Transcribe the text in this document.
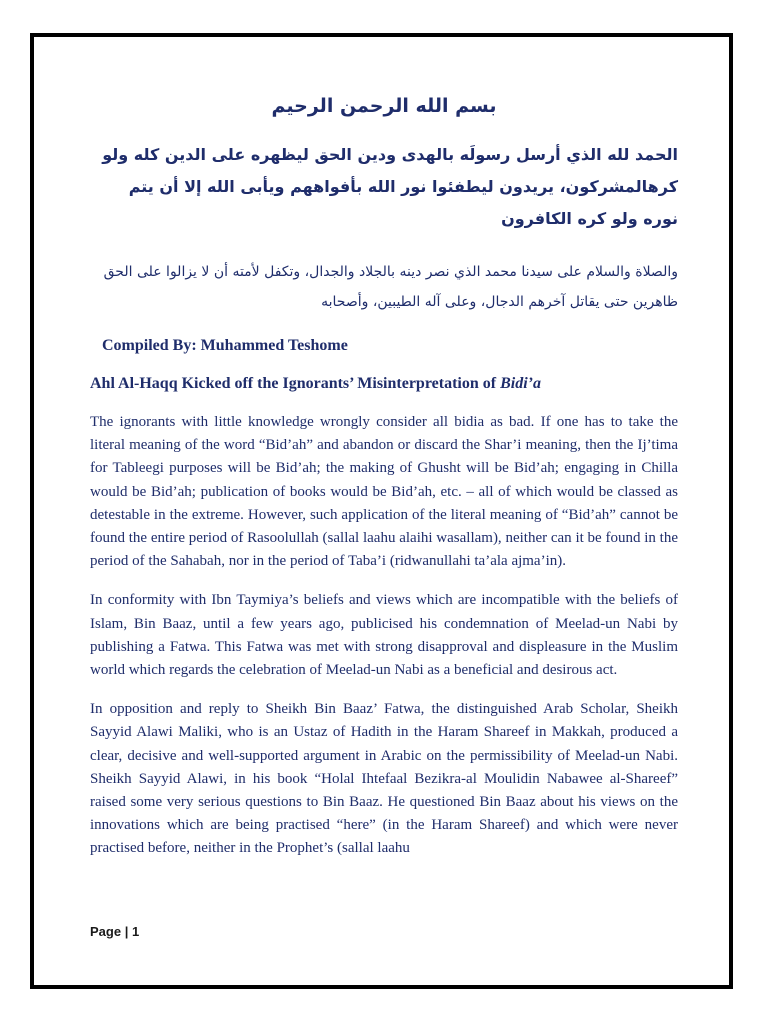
بسم الله الرحمن الرحيم

الحمد لله الذي أرسل رسولَه بالهدى ودين الحق ليظهره على الدين كله ولو كرهالمشركون، يريدون ليطفئوا نور الله بأفواههم ويأبى الله إلا أن يتم نوره ولو كره الكافرون

والصلاة والسلام على سيدنا محمد الذي نصر دينه بالجلاد والجدال، وتكفل لأمته أن لا يزالوا على الحق ظاهرين حتى يقاتل آخرهم الدجال، وعلى آله الطيبين، وأصحابه

Compiled By: Muhammed Teshome

Ahl Al-Haqq Kicked off the Ignorants’ Misinterpretation of Bidi’a

The ignorants with little knowledge wrongly consider all bidia as bad. If one has to take the literal meaning of the word “Bid’ah” and abandon or discard the Shar’i meaning, then the Ij’tima for Tableegi purposes will be Bid’ah; the making of Ghusht will be Bid’ah; engaging in Chilla would be Bid’ah; publication of books would be Bid’ah, etc. – all of which would be classed as detestable in the extreme. However, such application of the literal meaning of “Bid’ah” cannot be found the entire period of Rasoolullah (sallal laahu alaihi wasallam), neither can it be found in the period of the Sahabah, nor in the period of Taba’i (ridwanullahi ta’ala ajma’in).

In conformity with Ibn Taymiya’s beliefs and views which are incompatible with the beliefs of Islam, Bin Baaz, until a few years ago, publicised his condemnation of Meelad-un Nabi by publishing a Fatwa. This Fatwa was met with strong disapproval and displeasure in the Muslim world which regards the celebration of Meelad-un Nabi as a beneficial and desirous act.

In opposition and reply to Sheikh Bin Baaz’ Fatwa, the distinguished Arab Scholar, Sheikh Sayyid Alawi Maliki, who is an Ustaz of Hadith in the Haram Shareef in Makkah, produced a clear, decisive and well-supported argument in Arabic on the permissibility of Meelad-un Nabi. Sheikh Sayyid Alawi, in his book “Holal Ihtefaal Bezikra-al Moulidin Nabawee al-Shareef” raised some very serious questions to Bin Baaz. He questioned Bin Baaz about his views on the innovations which are being practised “here” (in the Haram Shareef) and which were never practised before, neither in the Prophet’s (sallal laahu

Page | 1
